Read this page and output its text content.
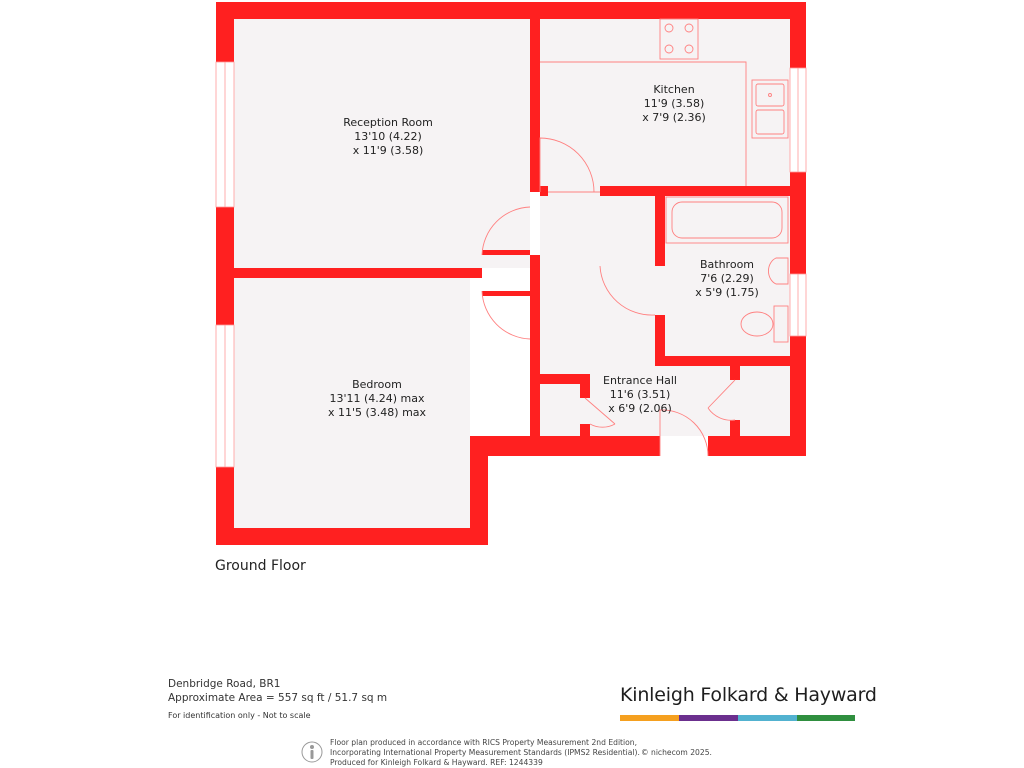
Reception Room
13'10 (4.22)
x 11'9 (3.58)
Kitchen
11'9 (3.58)
x 7'9 (2.36)
Bathroom
7'6 (2.29)
x 5'9 (1.75)
Bedroom
13'11 (4.24) max
x 11'5 (3.48) max
Entrance Hall
11'6 (3.51)
x 6'9 (2.06)
Ground Floor
Denbridge Road, BR1
Approximate Area = 557 sq ft / 51.7 sq m
For identification only - Not to scale
Kinleigh Folkard & Hayward
Floor plan produced in accordance with RICS Property Measurement 2nd Edition,
Incorporating International Property Measurement Standards (IPMS2 Residential).
Produced for Kinleigh Folkard & Hayward. REF: 1244339
© nichecom 2025.
